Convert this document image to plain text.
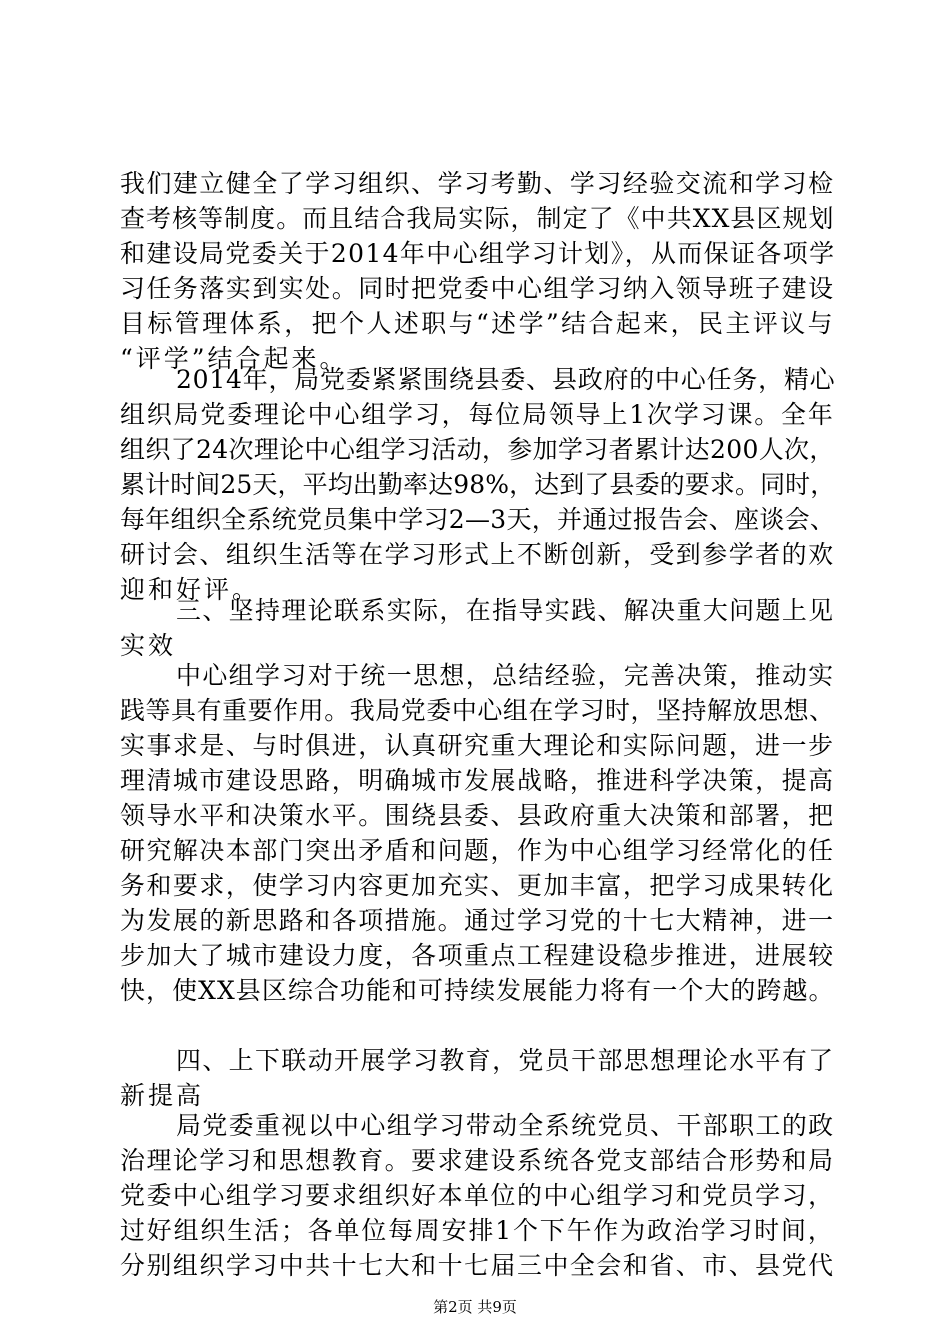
我们建立健全了学习组织、学习考勤、学习经验交流和学习检
查考核等制度。而且结合我局实际，制定了《中共XX县区规划
和建设局党委关于2014年中心组学习计划》，从而保证各项学
习任务落实到实处。同时把党委中心组学习纳入领导班子建设
目标管理体系，把个人述职与“述学”结合起来，民主评议与
“评学”结合起来。
2014年，局党委紧紧围绕县委、县政府的中心任务，精心
组织局党委理论中心组学习，每位局领导上1次学习课。全年
组织了24次理论中心组学习活动，参加学习者累计达200人次，
累计时间25天，平均出勤率达98%，达到了县委的要求。同时，
每年组织全系统党员集中学习2—3天，并通过报告会、座谈会、
研讨会、组织生活等在学习形式上不断创新，受到参学者的欢
迎和好评。
三、坚持理论联系实际，在指导实践、解决重大问题上见
实效
中心组学习对于统一思想，总结经验，完善决策，推动实
践等具有重要作用。我局党委中心组在学习时，坚持解放思想、
实事求是、与时俱进，认真研究重大理论和实际问题，进一步
理清城市建设思路，明确城市发展战略，推进科学决策，提高
领导水平和决策水平。围绕县委、县政府重大决策和部署，把
研究解决本部门突出矛盾和问题，作为中心组学习经常化的任
务和要求，使学习内容更加充实、更加丰富，把学习成果转化
为发展的新思路和各项措施。通过学习党的十七大精神，进一
步加大了城市建设力度，各项重点工程建设稳步推进，进展较
快，使XX县区综合功能和可持续发展能力将有一个大的跨越。
四、上下联动开展学习教育，党员干部思想理论水平有了
新提高
局党委重视以中心组学习带动全系统党员、干部职工的政
治理论学习和思想教育。要求建设系统各党支部结合形势和局
党委中心组学习要求组织好本单位的中心组学习和党员学习，
过好组织生活；各单位每周安排1个下午作为政治学习时间，
分别组织学习中共十七大和十七届三中全会和省、市、县党代
第2页 共9页
